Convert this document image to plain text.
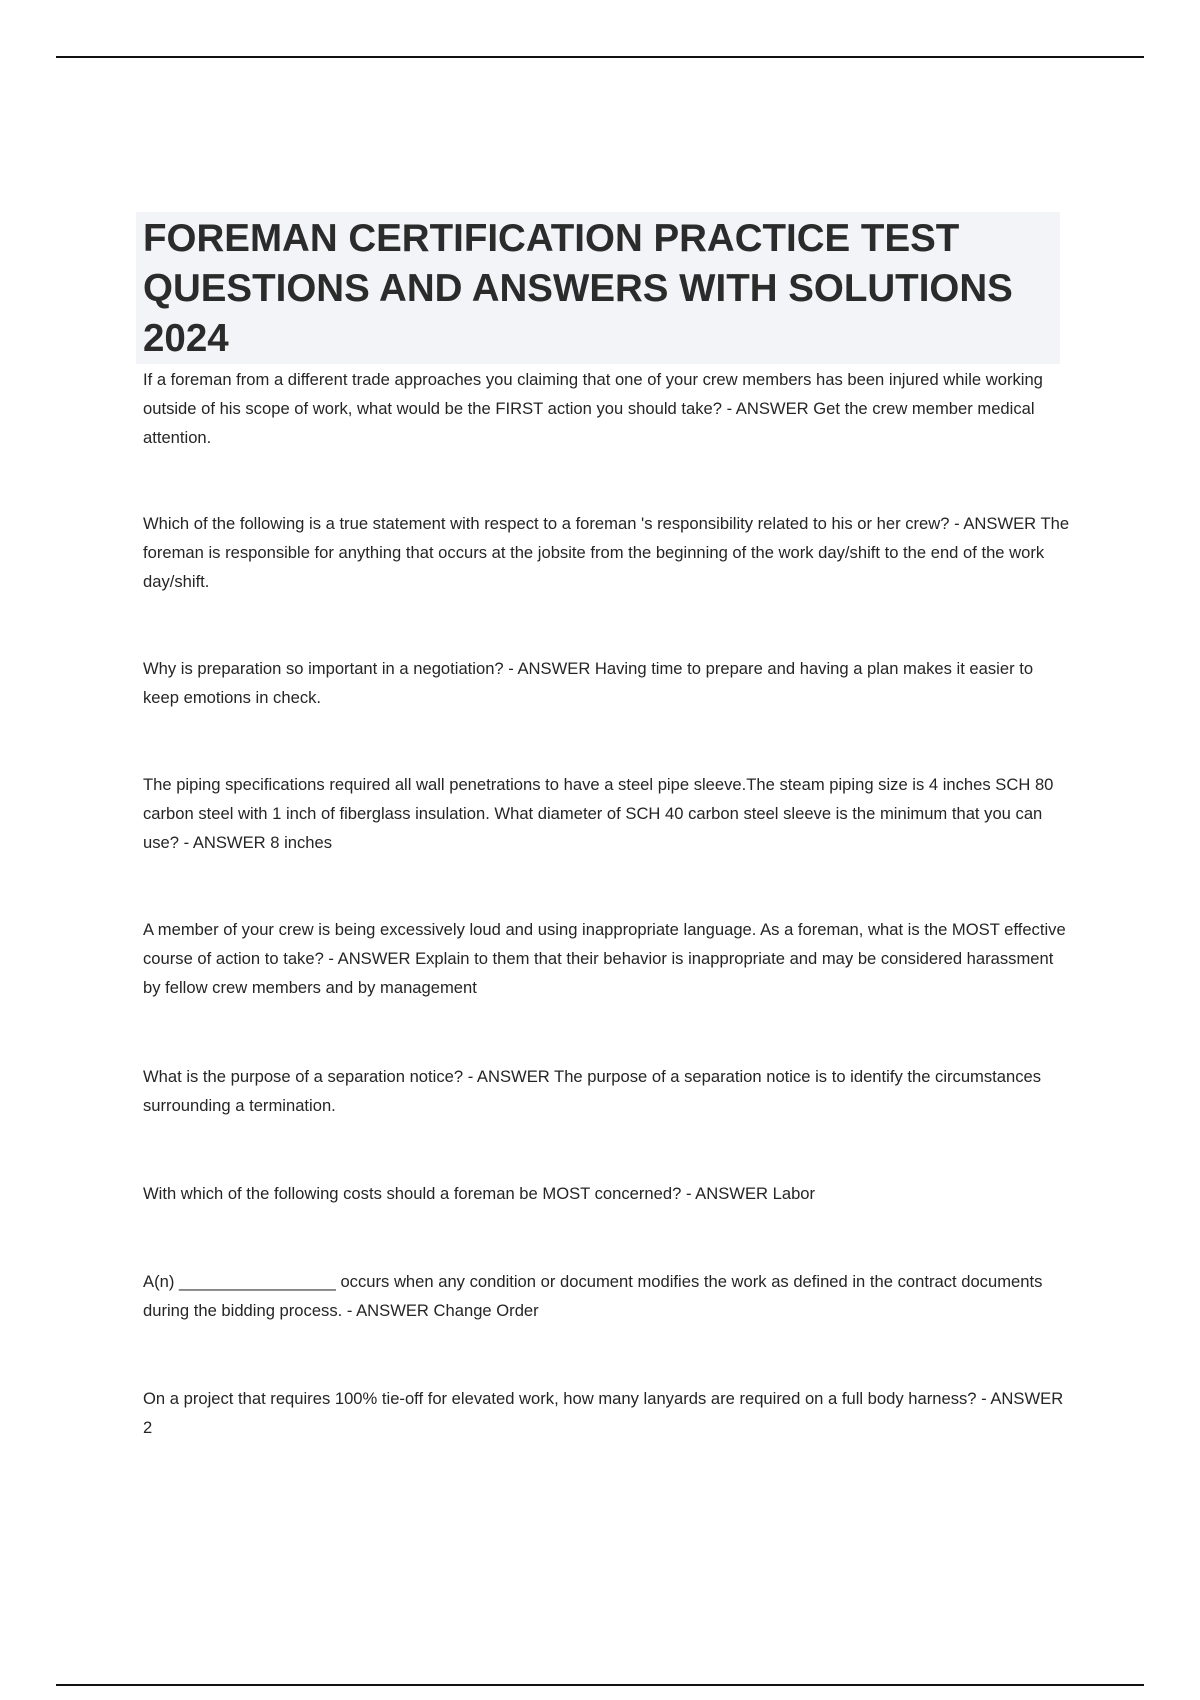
FOREMAN CERTIFICATION PRACTICE TEST QUESTIONS AND ANSWERS WITH SOLUTIONS 2024

If a foreman from a different trade approaches you claiming that one of your crew members has been injured while working outside of his scope of work, what would be the FIRST action you should take? - ANSWER Get the crew member medical attention.

Which of the following is a true statement with respect to a foreman 's responsibility related to his or her crew? - ANSWER The foreman is responsible for anything that occurs at the jobsite from the beginning of the work day/shift to the end of the work day/shift.

Why is preparation so important in a negotiation? - ANSWER Having time to prepare and having a plan makes it easier to keep emotions in check.

The piping specifications required all wall penetrations to have a steel pipe sleeve.The steam piping size is 4 inches SCH 80 carbon steel with 1 inch of fiberglass insulation. What diameter of SCH 40 carbon steel sleeve is the minimum that you can use? - ANSWER 8 inches

A member of your crew is being excessively loud and using inappropriate language. As a foreman, what is the MOST effective course of action to take? - ANSWER Explain to them that their behavior is inappropriate and may be considered harassment by fellow crew members and by management

What is the purpose of a separation notice? - ANSWER The purpose of a separation notice is to identify the circumstances surrounding a termination.

With which of the following costs should a foreman be MOST concerned? - ANSWER Labor

A(n) _________________ occurs when any condition or document modifies the work as defined in the contract documents during the bidding process. - ANSWER Change Order

On a project that requires 100% tie-off for elevated work, how many lanyards are required on a full body harness? - ANSWER 2
